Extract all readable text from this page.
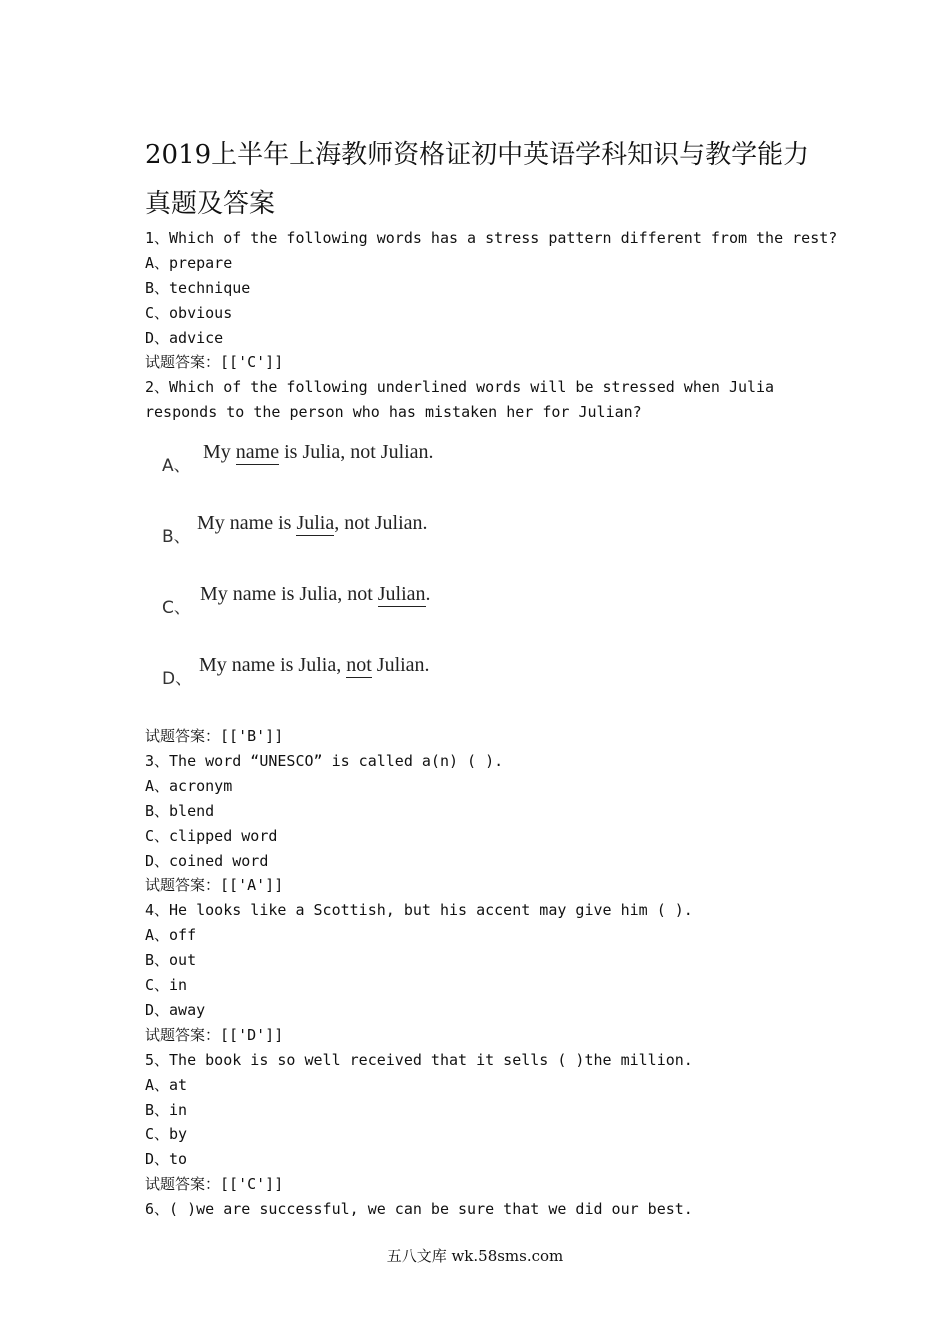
2019上半年上海教师资格证初中英语学科知识与教学能力
真题及答案
1、Which of the following words has a stress pattern different from the rest?
A、prepare
B、technique
C、obvious
D、advice
试题答案：[['C']]
2、Which of the following underlined words will be stressed when Julia responds to the person who has mistaken her for Julian?
A、
My name is Julia, not Julian.
B、
My name is Julia, not Julian.
C、
My name is Julia, not Julian.
D、
My name is Julia, not Julian.
试题答案：[['B']]
3、The word “UNESCO” is called a(n) ( ).
A、acronym
B、blend
C、clipped word
D、coined word
试题答案：[['A']]
4、He looks like a Scottish, but his accent may give him ( ).
A、off
B、out
C、in
D、away
试题答案：[['D']]
5、The book is so well received that it sells ( )the million.
A、at
B、in
C、by
D、to
试题答案：[['C']]
6、( )we are successful, we can be sure that we did our best.
五八文库 wk.58sms.com
